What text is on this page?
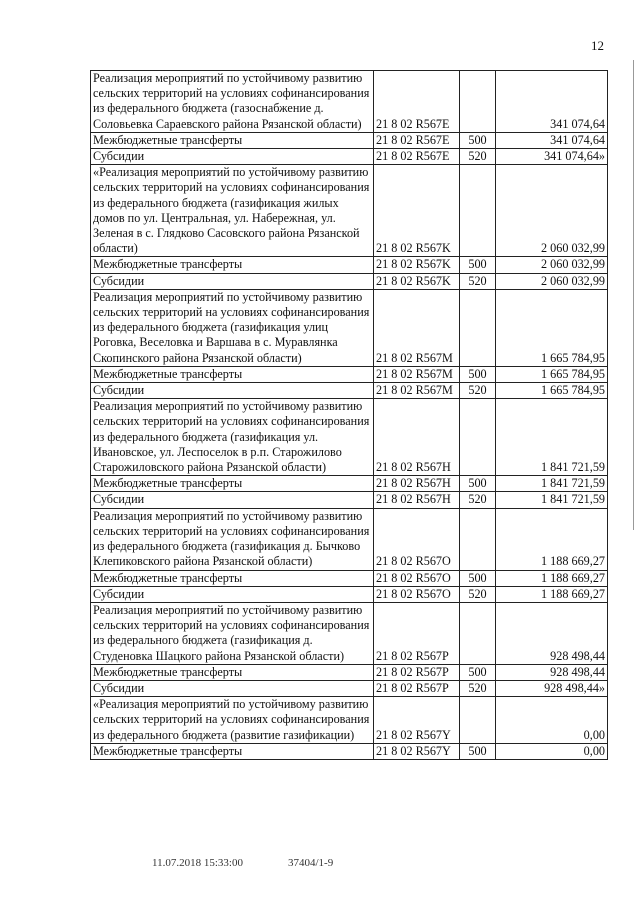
12
Реализация мероприятий по устойчивому развитию сельских территорий на условиях софинансирования из федерального бюджета (газоснабжение д. Соловьевка Сараевского района Рязанской области)	21 8 02 R567E		341 074,64
Межбюджетные трансферты	21 8 02 R567E	500	341 074,64
Субсидии	21 8 02 R567E	520	341 074,64»
«Реализация мероприятий по устойчивому развитию сельских территорий на условиях софинансирования из федерального бюджета (газификация жилых домов по ул. Центральная, ул. Набережная, ул. Зеленая в с. Глядково Сасовского района Рязанской области)	21 8 02 R567K		2 060 032,99
Межбюджетные трансферты	21 8 02 R567K	500	2 060 032,99
Субсидии	21 8 02 R567K	520	2 060 032,99
Реализация мероприятий по устойчивому развитию сельских территорий на условиях софинансирования из федерального бюджета (газификация улиц Роговка, Веселовка и Варшава в с. Муравлянка Скопинского района Рязанской области)	21 8 02 R567M		1 665 784,95
Межбюджетные трансферты	21 8 02 R567M	500	1 665 784,95
Субсидии	21 8 02 R567M	520	1 665 784,95
Реализация мероприятий по устойчивому развитию сельских территорий на условиях софинансирования из федерального бюджета (газификация ул. Ивановское, ул. Леспоселок в р.п. Старожилово Старожиловского района Рязанской области)	21 8 02 R567H		1 841 721,59
Межбюджетные трансферты	21 8 02 R567H	500	1 841 721,59
Субсидии	21 8 02 R567H	520	1 841 721,59
Реализация мероприятий по устойчивому развитию сельских территорий на условиях софинансирования из федерального бюджета (газификация д. Бычково Клепиковского района Рязанской области)	21 8 02 R567O		1 188 669,27
Межбюджетные трансферты	21 8 02 R567O	500	1 188 669,27
Субсидии	21 8 02 R567O	520	1 188 669,27
Реализация мероприятий по устойчивому развитию сельских территорий на условиях софинансирования из федерального бюджета (газификация д. Студеновка Шацкого района Рязанской области)	21 8 02 R567P		928 498,44
Межбюджетные трансферты	21 8 02 R567P	500	928 498,44
Субсидии	21 8 02 R567P	520	928 498,44»
«Реализация мероприятий по устойчивому развитию сельских территорий на условиях софинансирования из федерального бюджета (развитие газификации)	21 8 02 R567Y		0,00
Межбюджетные трансферты	21 8 02 R567Y	500	0,00
11.07.2018 15:33:00	37404/1-9
